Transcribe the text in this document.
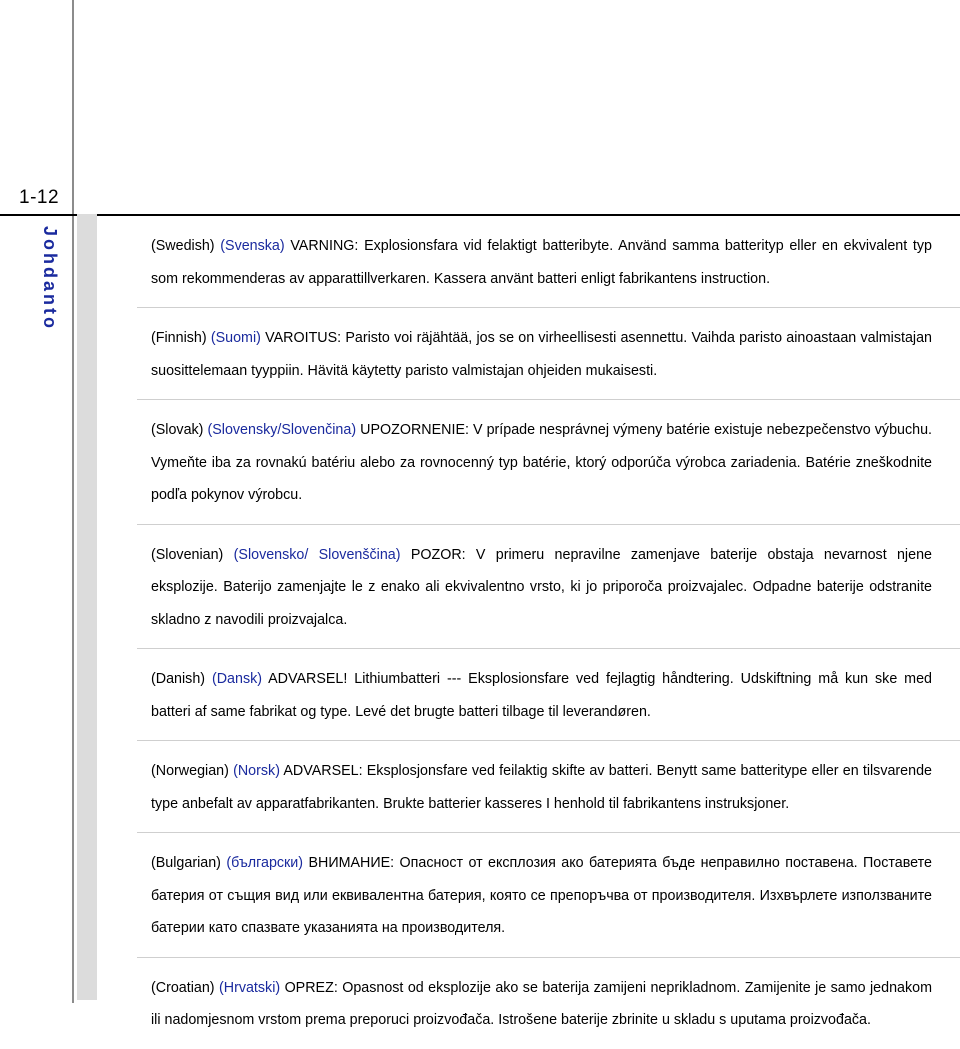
1-12
Johdanto	(Swedish) (Svenska) VARNING: Explosionsfara vid felaktigt batteribyte. Använd samma batterityp eller en ekvivalent typ som rekommenderas av apparattillverkaren. Kassera använt batteri enligt fabrikantens instruction.
(Finnish) (Suomi) VAROITUS: Paristo voi räjähtää, jos se on virheellisesti asennettu. Vaihda paristo ainoastaan valmistajan suosittelemaan tyyppiin. Hävitä käytetty paristo valmistajan ohjeiden mukaisesti.
(Slovak) (Slovensky/Slovenčina) UPOZORNENIE: V prípade nesprávnej výmeny batérie existuje nebezpečenstvo výbuchu. Vymeňte iba za rovnakú batériu alebo za rovnocenný typ batérie, ktorý odporúča výrobca zariadenia. Batérie zneškodnite podľa pokynov výrobcu.
(Slovenian) (Slovensko/ Slovenščina) POZOR: V primeru nepravilne zamenjave baterije obstaja nevarnost njene eksplozije. Baterijo zamenjajte le z enako ali ekvivalentno vrsto, ki jo priporoča proizvajalec. Odpadne baterije odstranite skladno z navodili proizvajalca.
(Danish) (Dansk) ADVARSEL! Lithiumbatteri --- Eksplosionsfare ved fejlagtig håndtering. Udskiftning må kun ske med batteri af same fabrikat og type. Levé det brugte batteri tilbage til leverandøren.
(Norwegian) (Norsk) ADVARSEL: Eksplosjonsfare ved feilaktig skifte av batteri. Benytt same batteritype eller en tilsvarende type anbefalt av apparatfabrikanten. Brukte batterier kasseres I henhold til fabrikantens instruksjoner.
(Bulgarian) (български) ВНИМАНИЕ: Опасност от експлозия ако батерията бъде неправилно поставена. Поставете батерия от същия вид или еквивалентна батерия, която се препоръчва от производителя. Изхвърлете използваните батерии като спазвате указанията на производителя.
(Croatian) (Hrvatski) OPREZ: Opasnost od eksplozije ako se baterija zamijeni neprikladnom. Zamijenite je samo jednakom ili nadomjesnom vrstom prema preporuci proizvođača. Istrošene baterije zbrinite u skladu s uputama proizvođača.
